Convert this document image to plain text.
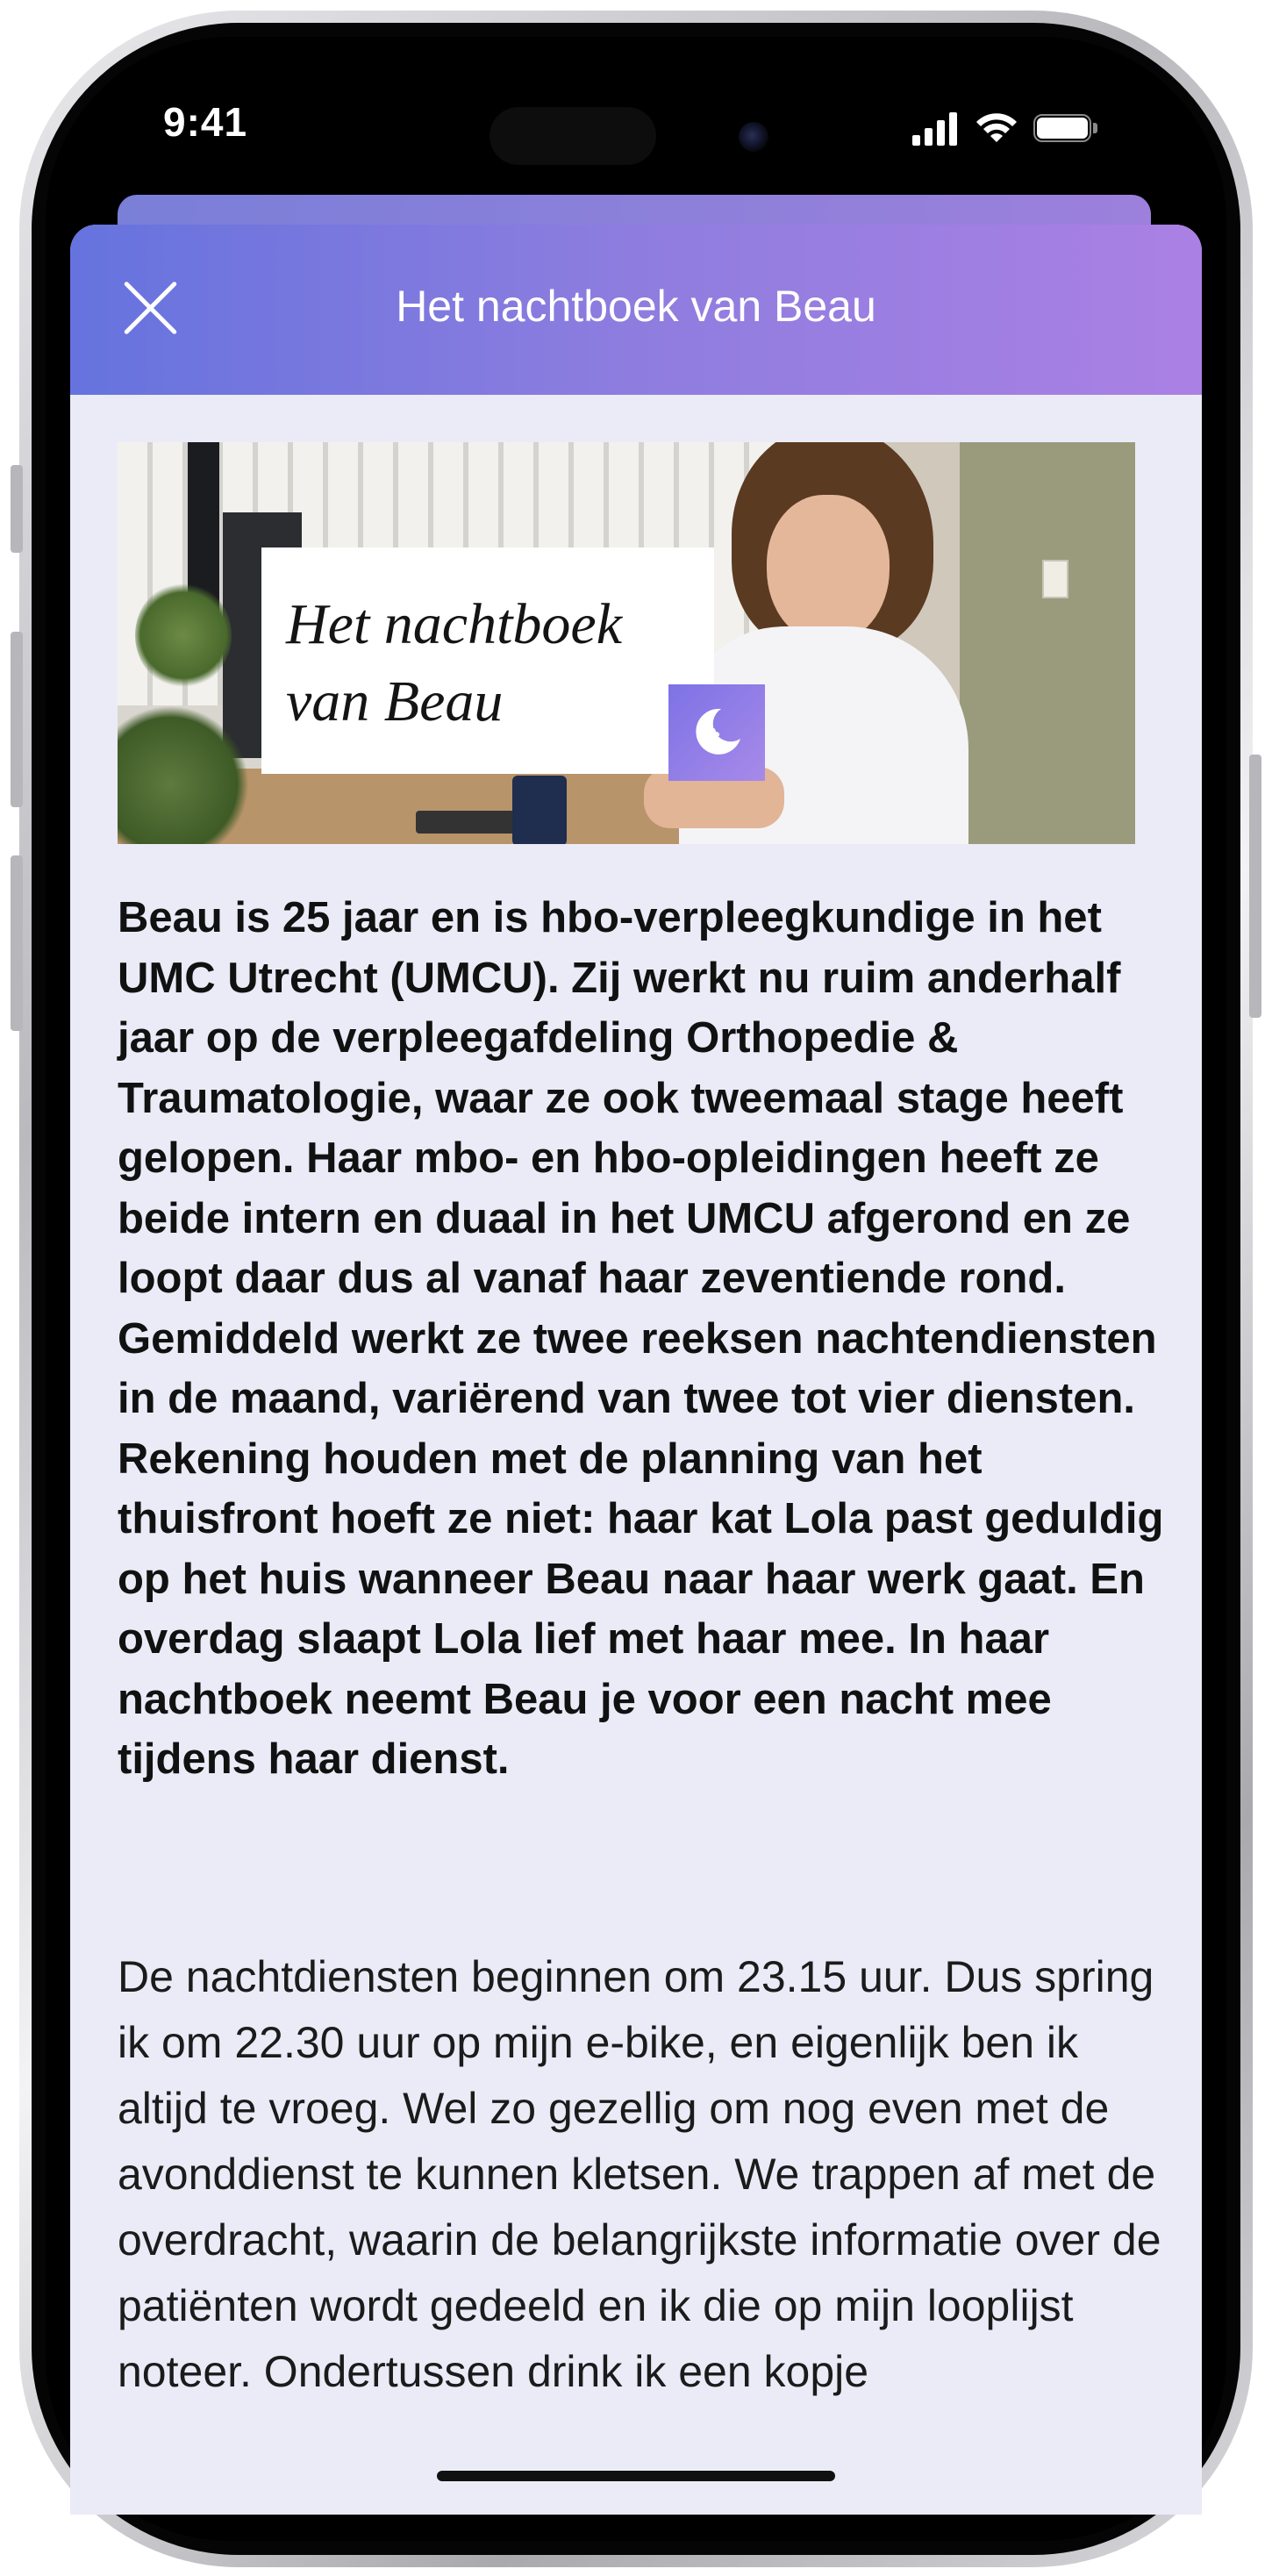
9:41
Het nachtboek van Beau
Het nachtboek
van Beau
Beau is 25 jaar en is hbo-verpleegkundige in het UMC Utrecht (UMCU). Zij werkt nu ruim anderhalf jaar op de verpleegafdeling Orthopedie & Traumatologie, waar ze ook tweemaal stage heeft gelopen. Haar mbo- en hbo-opleidingen heeft ze beide intern en duaal in het UMCU afgerond en ze loopt daar dus al vanaf haar zeventiende rond. Gemiddeld werkt ze twee reeksen nachtendiensten in de maand, variërend van twee tot vier diensten. Rekening houden met de planning van het thuisfront hoeft ze niet: haar kat Lola past geduldig op het huis wanneer Beau naar haar werk gaat. En overdag slaapt Lola lief met haar mee. In haar nachtboek neemt Beau je voor een nacht mee tijdens haar dienst.
De nachtdiensten beginnen om 23.15 uur. Dus spring ik om 22.30 uur op mijn e-bike, en eigenlijk ben ik altijd te vroeg. Wel zo gezellig om nog even met de avonddienst te kunnen kletsen. We trappen af met de overdracht, waarin de belangrijkste informatie over de patiënten wordt gedeeld en ik die op mijn looplijst noteer. Ondertussen drink ik een kopje
